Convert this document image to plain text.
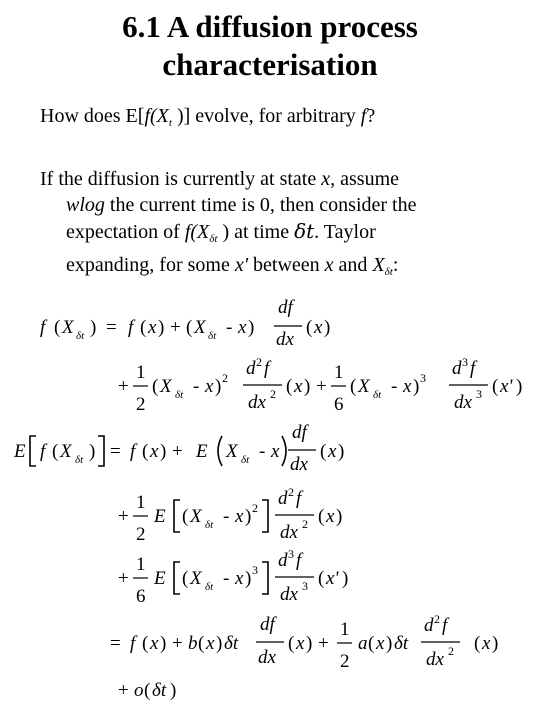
6.1 A diffusion process
characterisation
How does $E[f(X_t$ )] evolve, for arbitrary f?
If the diffusion is currently at state x, assume
wlog the current time is 0, then consider the
expectation of $f(X_{\delta t}$ ) at time δt. Taylor
expanding, for some x' between x and $X_{\delta t}$:
f ( X δt ) = f ( x ) + ( X δt - x )
df
dx
( x )
+
1
2
( X δt - x ) 2 d 2 f
dx 2 ( x ) +
1
6
( X δt - x ) 3 d 3 f
dx 3 ( x' )
E f ( X δt ) = f ( x ) + E X δt - x
df
dx
( x )
+
1
2
E ( X δt - x ) 2 d 2 f
dx 2 ( x )
+
1
6
E ( X δt - x ) 3 d 3 f
dx 3 ( x' )
= f ( x ) + b ( x ) δt
df
dx
( x ) +
1
2
a ( x ) δt
d 2 f
dx 2 ( x )
+ o ( δt )
